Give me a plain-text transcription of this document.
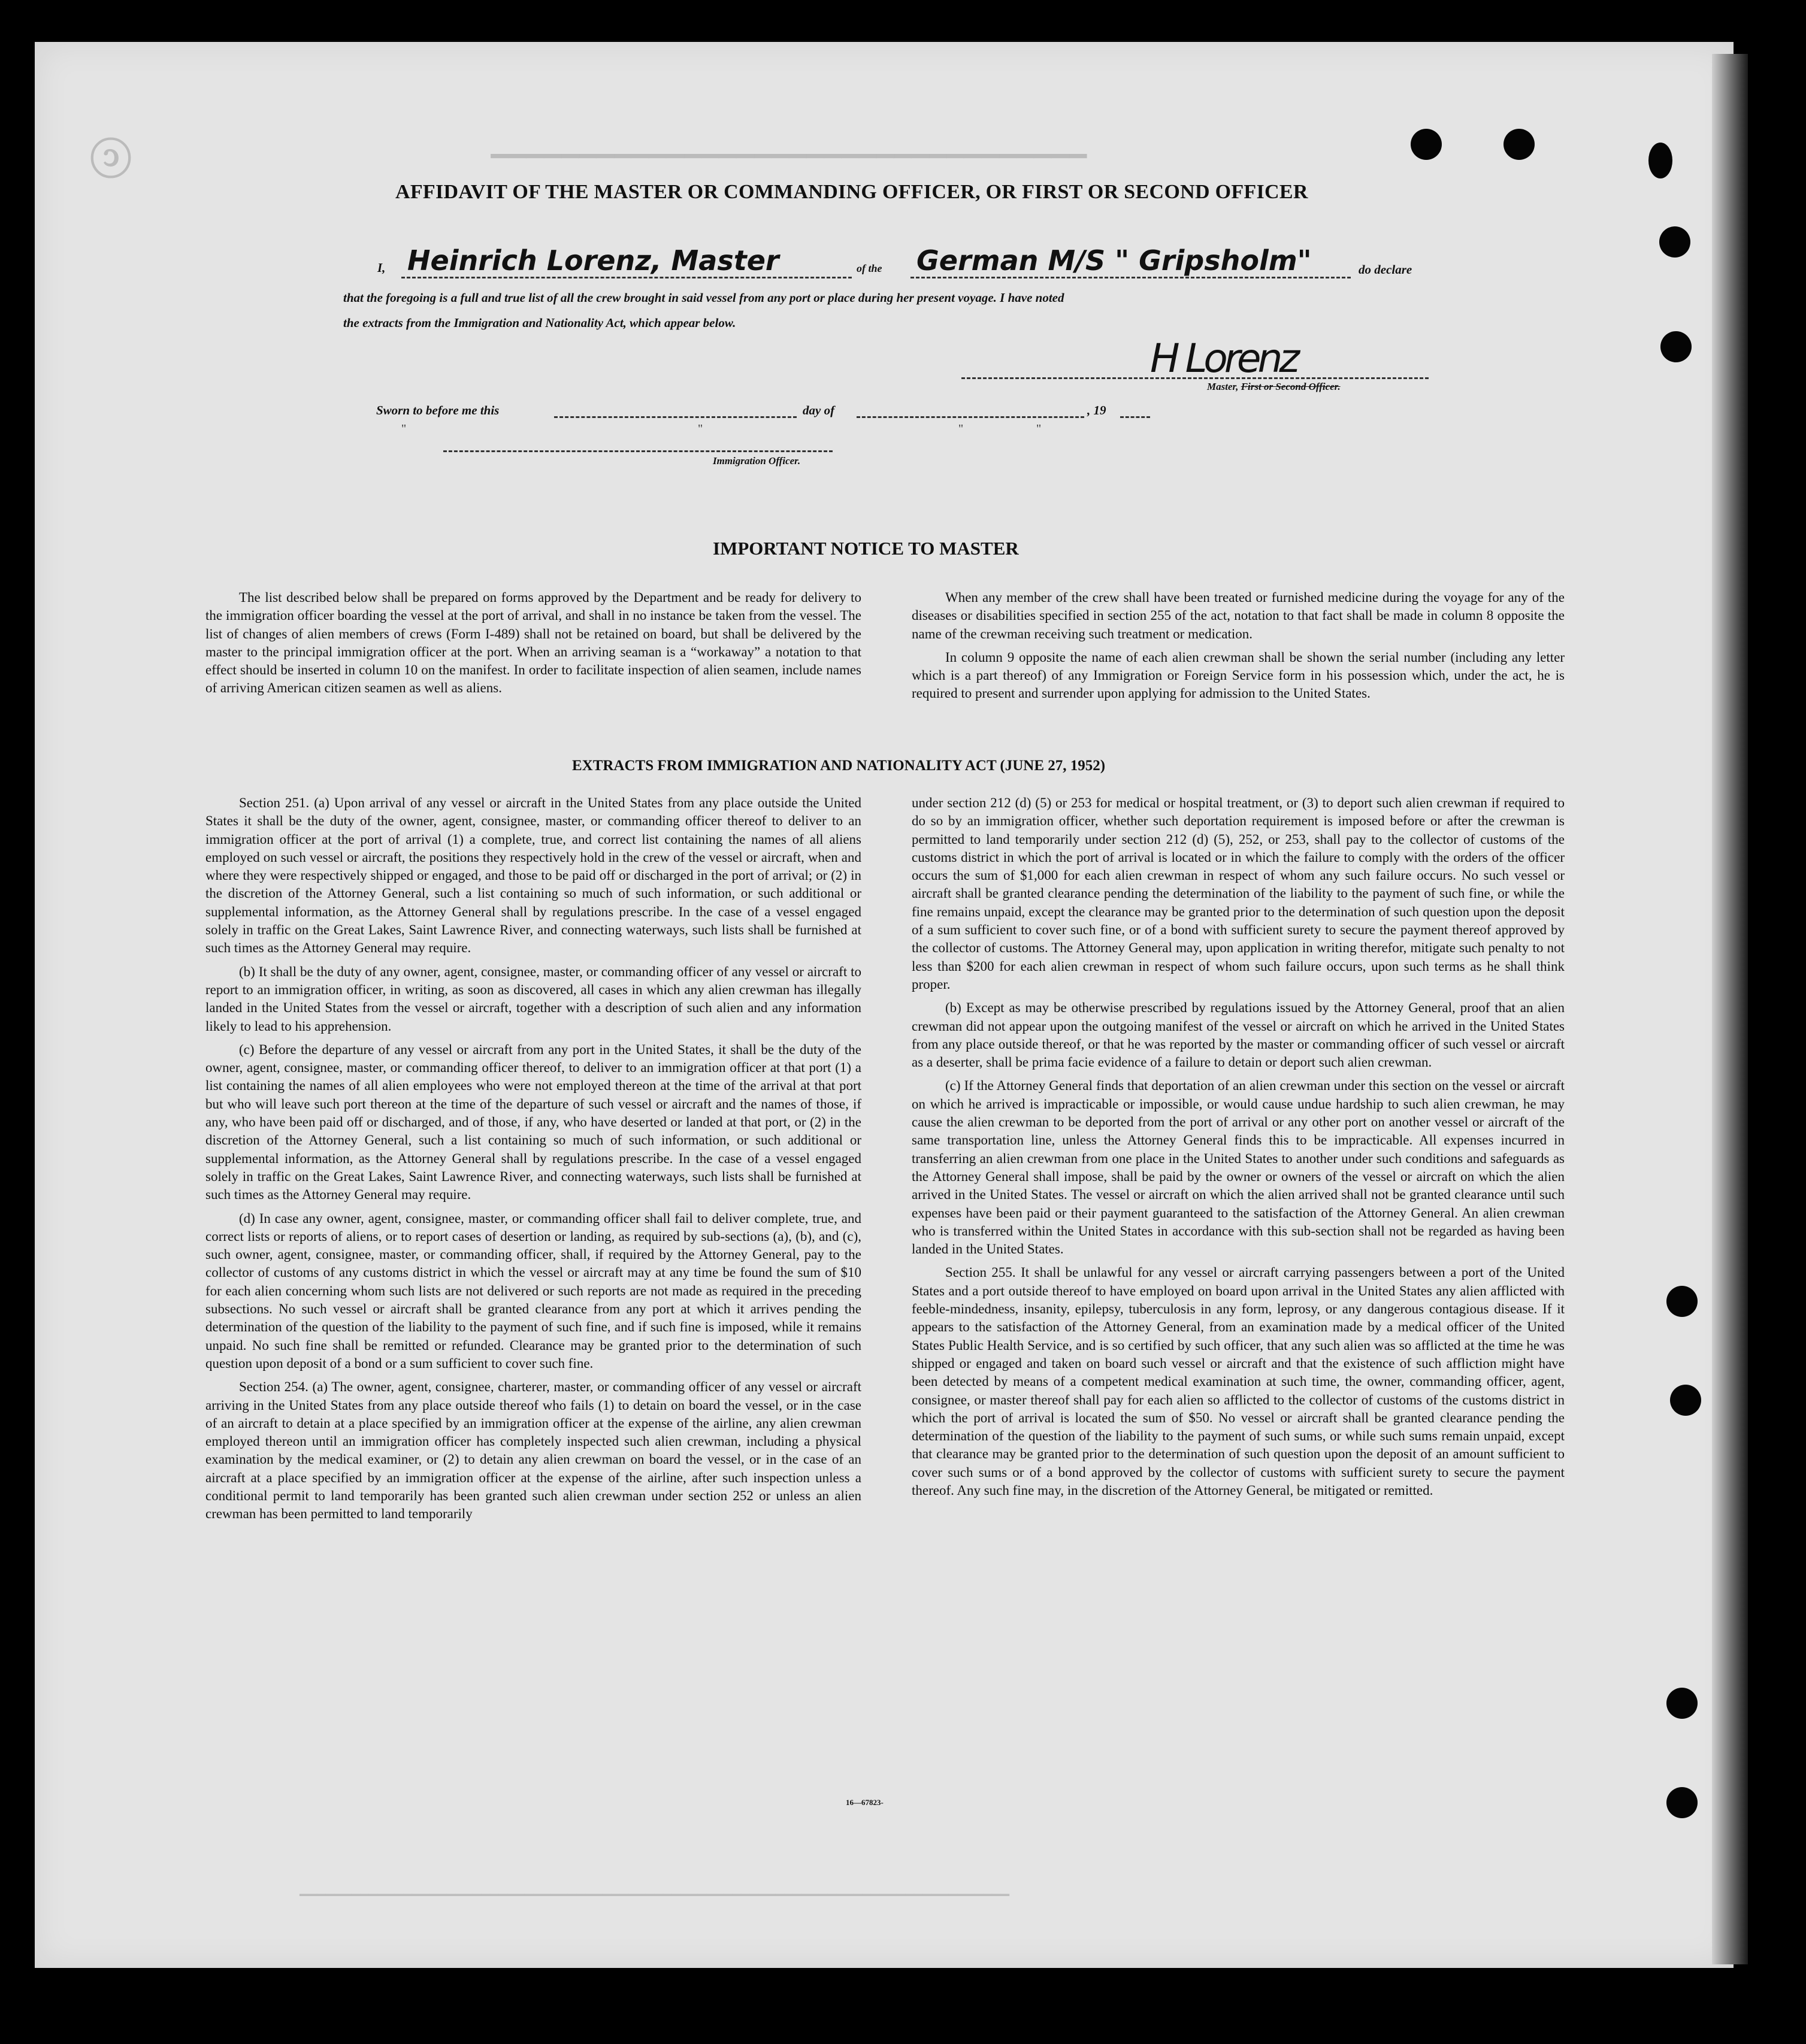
▔▔▔▔▔▔▔▔▔▔▔▔▔▔▔▔▔▔▔▔▔▔▔▔▔▔▔▔▔▔▔▔▔▔
ⓒ
AFFIDAVIT OF THE MASTER OR COMMANDING OFFICER, OR FIRST OR SECOND OFFICER
I, Heinrich Lorenz, Master	of the German M/S " Gripsholm"	do declare
that the foregoing is a full and true list of all the crew brought in said vessel from any port or place during her present voyage. I have noted
the extracts from the Immigration and Nationality Act, which appear below.
H Lorenz
Master, First or Second Officer.
Sworn to before me this	day of	, 19
"	"	"	"
Immigration Officer.
IMPORTANT NOTICE TO MASTER

The list described below shall be prepared on forms approved by the Department and be ready for delivery to the immigration officer boarding the vessel at the port of arrival, and shall in no instance be taken from the vessel. The list of changes of alien members of crews (Form I-489) shall not be retained on board, but shall be delivered by the master to the principal immigration officer at the port. When an arriving seaman is a “workaway” a notation to that effect should be inserted in column 10 on the manifest. In order to facilitate inspection of alien seamen, include names of arriving American citizen seamen as well as aliens.

When any member of the crew shall have been treated or furnished medicine during the voyage for any of the diseases or disabilities specified in section 255 of the act, notation to that fact shall be made in column 8 opposite the name of the crewman receiving such treatment or medication.

In column 9 opposite the name of each alien crewman shall be shown the serial number (including any letter which is a part thereof) of any Immigration or Foreign Service form in his possession which, under the act, he is required to present and surrender upon applying for admission to the United States.

EXTRACTS FROM IMMIGRATION AND NATIONALITY ACT (JUNE 27, 1952)

Section 251. (a) Upon arrival of any vessel or aircraft in the United States from any place outside the United States it shall be the duty of the owner, agent, consignee, master, or commanding officer thereof to deliver to an immigration officer at the port of arrival (1) a complete, true, and correct list containing the names of all aliens employed on such vessel or aircraft, the positions they respectively hold in the crew of the vessel or aircraft, when and where they were respectively shipped or engaged, and those to be paid off or discharged in the port of arrival; or (2) in the discretion of the Attorney General, such a list containing so much of such information, or such additional or supplemental information, as the Attorney General shall by regulations prescribe. In the case of a vessel engaged solely in traffic on the Great Lakes, Saint Lawrence River, and connecting waterways, such lists shall be furnished at such times as the Attorney General may require.

(b) It shall be the duty of any owner, agent, consignee, master, or commanding officer of any vessel or aircraft to report to an immigration officer, in writing, as soon as discovered, all cases in which any alien crewman has illegally landed in the United States from the vessel or aircraft, together with a description of such alien and any information likely to lead to his apprehension.

(c) Before the departure of any vessel or aircraft from any port in the United States, it shall be the duty of the owner, agent, consignee, master, or commanding officer thereof, to deliver to an immigration officer at that port (1) a list containing the names of all alien employees who were not employed thereon at the time of the arrival at that port but who will leave such port thereon at the time of the departure of such vessel or aircraft and the names of those, if any, who have been paid off or discharged, and of those, if any, who have deserted or landed at that port, or (2) in the discretion of the Attorney General, such a list containing so much of such information, or such additional or supplemental information, as the Attorney General shall by regulations prescribe. In the case of a vessel engaged solely in traffic on the Great Lakes, Saint Lawrence River, and connecting waterways, such lists shall be furnished at such times as the Attorney General may require.

(d) In case any owner, agent, consignee, master, or commanding officer shall fail to deliver complete, true, and correct lists or reports of aliens, or to report cases of desertion or landing, as required by sub-sections (a), (b), and (c), such owner, agent, consignee, master, or commanding officer, shall, if required by the Attorney General, pay to the collector of customs of any customs district in which the vessel or aircraft may at any time be found the sum of $10 for each alien concerning whom such lists are not delivered or such reports are not made as required in the preceding subsections. No such vessel or aircraft shall be granted clearance from any port at which it arrives pending the determination of the question of the liability to the payment of such fine, and if such fine is imposed, while it remains unpaid. No such fine shall be remitted or refunded. Clearance may be granted prior to the determination of such question upon deposit of a bond or a sum sufficient to cover such fine.

Section 254. (a) The owner, agent, consignee, charterer, master, or commanding officer of any vessel or aircraft arriving in the United States from any place outside thereof who fails (1) to detain on board the vessel, or in the case of an aircraft to detain at a place specified by an immigration officer at the expense of the airline, any alien crewman employed thereon until an immigration officer has completely inspected such alien crewman, including a physical examination by the medical examiner, or (2) to detain any alien crewman on board the vessel, or in the case of an aircraft at a place specified by an immigration officer at the expense of the airline, after such inspection unless a conditional permit to land temporarily has been granted such alien crewman under section 252 or unless an alien crewman has been permitted to land temporarily

under section 212 (d) (5) or 253 for medical or hospital treatment, or (3) to deport such alien crewman if required to do so by an immigration officer, whether such deportation requirement is imposed before or after the crewman is permitted to land temporarily under section 212 (d) (5), 252, or 253, shall pay to the collector of customs of the customs district in which the port of arrival is located or in which the failure to comply with the orders of the officer occurs the sum of $1,000 for each alien crewman in respect of whom any such failure occurs. No such vessel or aircraft shall be granted clearance pending the determination of the liability to the payment of such fine, or while the fine remains unpaid, except the clearance may be granted prior to the determination of such question upon the deposit of a sum sufficient to cover such fine, or of a bond with sufficient surety to secure the payment thereof approved by the collector of customs. The Attorney General may, upon application in writing therefor, mitigate such penalty to not less than $200 for each alien crewman in respect of whom such failure occurs, upon such terms as he shall think proper.

(b) Except as may be otherwise prescribed by regulations issued by the Attorney General, proof that an alien crewman did not appear upon the outgoing manifest of the vessel or aircraft on which he arrived in the United States from any place outside thereof, or that he was reported by the master or commanding officer of such vessel or aircraft as a deserter, shall be prima facie evidence of a failure to detain or deport such alien crewman.

(c) If the Attorney General finds that deportation of an alien crewman under this section on the vessel or aircraft on which he arrived is impracticable or impossible, or would cause undue hardship to such alien crewman, he may cause the alien crewman to be deported from the port of arrival or any other port on another vessel or aircraft of the same transportation line, unless the Attorney General finds this to be impracticable. All expenses incurred in transferring an alien crewman from one place in the United States to another under such conditions and safeguards as the Attorney General shall impose, shall be paid by the owner or owners of the vessel or aircraft on which the alien arrived in the United States. The vessel or aircraft on which the alien arrived shall not be granted clearance until such expenses have been paid or their payment guaranteed to the satisfaction of the Attorney General. An alien crewman who is transferred within the United States in accordance with this sub-section shall not be regarded as having been landed in the United States.

Section 255. It shall be unlawful for any vessel or aircraft carrying passengers between a port of the United States and a port outside thereof to have employed on board upon arrival in the United States any alien afflicted with feeble-mindedness, insanity, epilepsy, tuberculosis in any form, leprosy, or any dangerous contagious disease. If it appears to the satisfaction of the Attorney General, from an examination made by a medical officer of the United States Public Health Service, and is so certified by such officer, that any such alien was so afflicted at the time he was shipped or engaged and taken on board such vessel or aircraft and that the existence of such affliction might have been detected by means of a competent medical examination at such time, the owner, commanding officer, agent, consignee, or master thereof shall pay for each alien so afflicted to the collector of customs of the customs district in which the port of arrival is located the sum of $50. No vessel or aircraft shall be granted clearance pending the determination of the question of the liability to the payment of such sums, or while such sums remain unpaid, except that clearance may be granted prior to the determination of such question upon the deposit of an amount sufficient to cover such sums or of a bond approved by the collector of customs with sufficient surety to secure the payment thereof. Any such fine may, in the discretion of the Attorney General, be mitigated or remitted.

16—67823-
▁▁▁▁▁▁▁▁▁▁▁▁▁▁▁▁▁▁▁▁▁▁▁▁▁▁▁▁▁▁▁▁▁▁▁▁▁▁▁▁▁▁▁▁▁▁▁▁▁▁▁▁▁▁▁▁▁▁▁▁▁▁▁▁▁▁▁▁▁▁▁▁▁▁▁▁▁▁▁▁▁▁
